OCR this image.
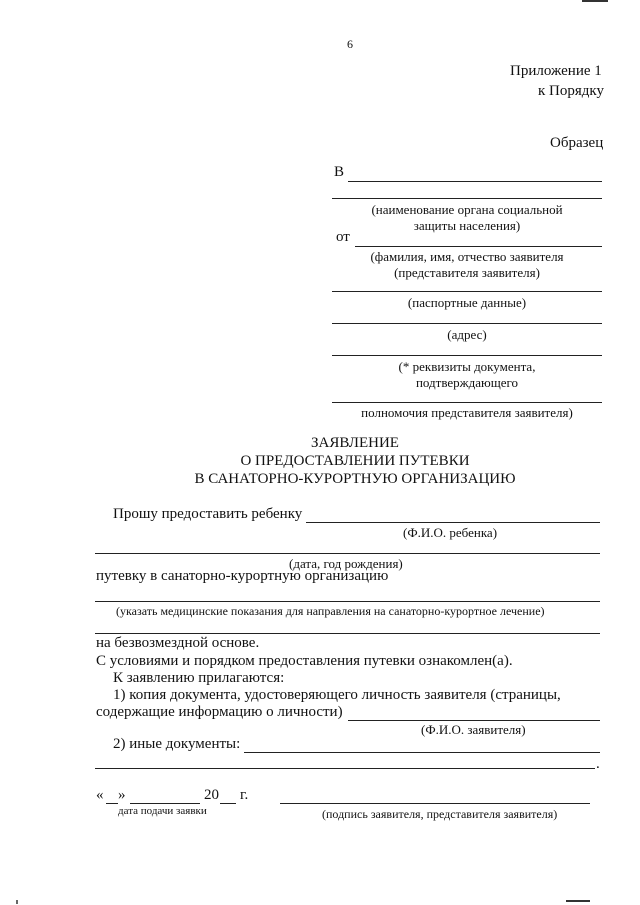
6
Приложение 1
к Порядку
Образец
В
(наименование органа социальной
защиты населения)
от
(фамилия, имя, отчество заявителя
(представителя заявителя)
(паспортные данные)
(адрес)
(* реквизиты документа,
подтверждающего
полномочия представителя заявителя)
ЗАЯВЛЕНИЕ
О ПРЕДОСТАВЛЕНИИ ПУТЕВКИ
В САНАТОРНО-КУРОРТНУЮ ОРГАНИЗАЦИЮ
Прошу предоставить ребенку
(Ф.И.О. ребенка)
(дата, год рождения)
путевку в санаторно-курортную организацию
(указать медицинские показания для направления на санаторно-курортное лечение)
на безвозмездной основе.
С условиями и порядком предоставления путевки ознакомлен(а).
К заявлению прилагаются:
1) копия документа, удостоверяющего личность заявителя (страницы,
содержащие информацию о личности)
(Ф.И.О. заявителя)
2) иные документы:
.
« »	20 г.
дата подачи заявки	(подпись заявителя, представителя заявителя)
